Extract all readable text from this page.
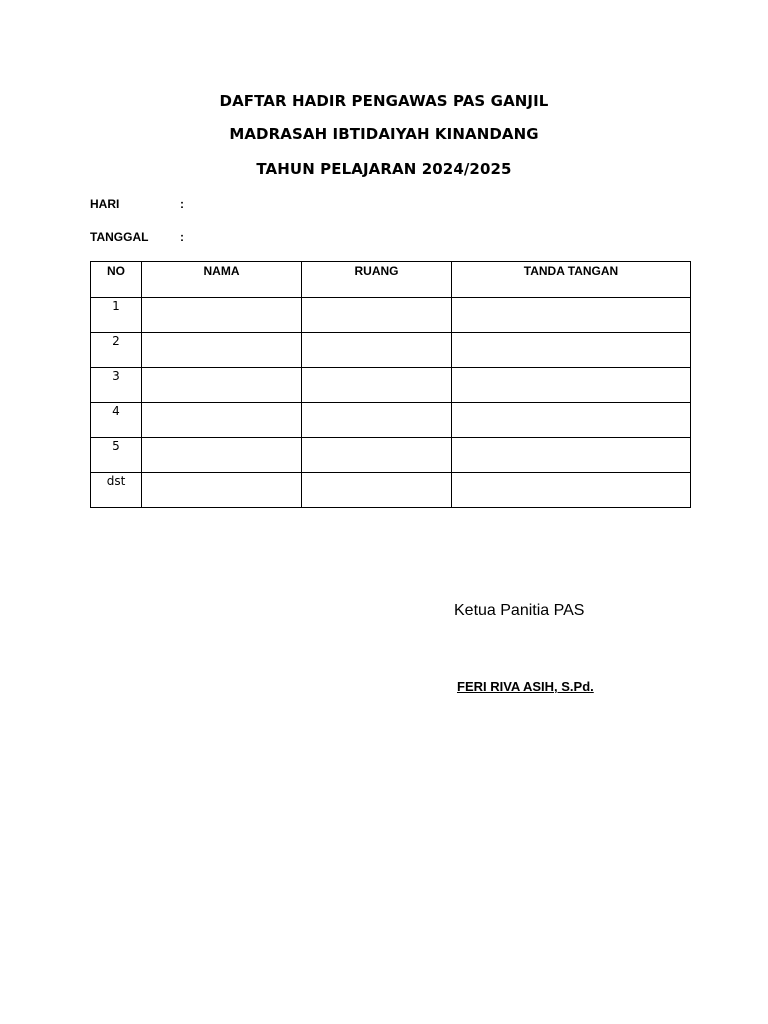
DAFTAR HADIR PENGAWAS PAS GANJIL
MADRASAH IBTIDAIYAH KINANDANG
TAHUN PELAJARAN 2024/2025
HARI	:
TANGGAL	:
NO	NAMA	RUANG	TANDA TANGAN
1			
2			
3			
4			
5			
dst			
Ketua Panitia PAS
FERI RIVA ASIH, S.Pd.
